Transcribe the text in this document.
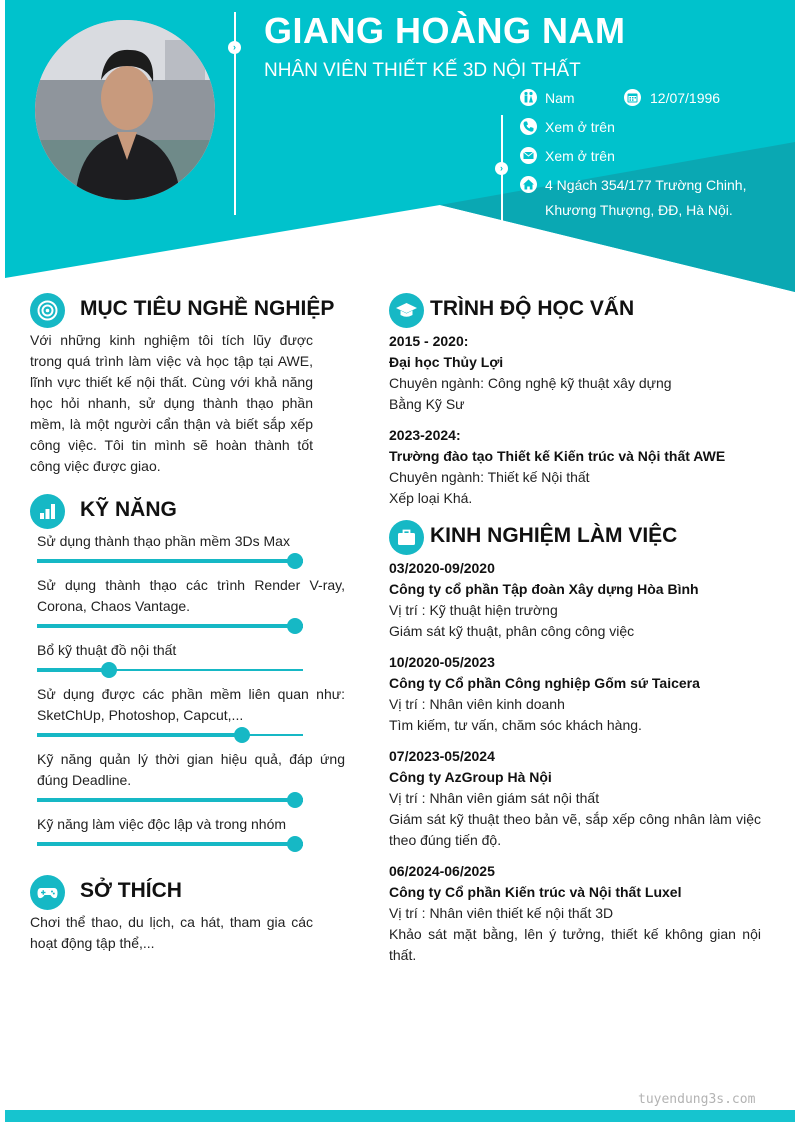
›
›
GIANG HOÀNG NAM
NHÂN VIÊN THIẾT KẾ 3D NỘI THẤT
Nam	12/07/1996
Xem ở trên
Xem ở trên
4 Ngách 354/177 Trường Chinh,
Khương Thượng, ĐĐ, Hà Nội.
MỤC TIÊU NGHỀ NGHIỆP
Với những kinh nghiệm tôi tích lũy được trong quá trình làm việc và học tập tại AWE, lĩnh vực thiết kế nội thất. Cùng với khả năng học hỏi nhanh, sử dụng thành thạo phần mềm, là một người cẩn thận và biết sắp xếp công việc. Tôi tin mình sẽ hoàn thành tốt công việc được giao.
KỸ NĂNG
Sử dụng thành thạo phần mềm 3Ds Max
Sử dụng thành thạo các trình Render V-ray, Corona, Chaos Vantage.
Bổ kỹ thuật đồ nội thất
Sử dụng được các phần mềm liên quan như: SketChUp, Photoshop, Capcut,...
Kỹ năng quản lý thời gian hiệu quả, đáp ứng đúng Deadline.
Kỹ năng làm việc độc lập và trong nhóm
SỞ THÍCH
Chơi thể thao, du lịch, ca hát, tham gia các hoạt động tập thể,...
TRÌNH ĐỘ HỌC VẤN
2015 - 2020:
Đại học Thủy Lợi
Chuyên ngành: Công nghệ kỹ thuật xây dựng
Bằng Kỹ Sư
2023-2024:
Trường đào tạo Thiết kế Kiến trúc và Nội thất AWE
Chuyên ngành: Thiết kế Nội thất
Xếp loại Khá.
KINH NGHIỆM LÀM VIỆC
03/2020-09/2020
Công ty cổ phần Tập đoàn Xây dựng Hòa Bình
Vị trí : Kỹ thuật hiện trường
Giám sát kỹ thuật, phân công công việc
10/2020-05/2023
Công ty Cổ phần Công nghiệp Gốm sứ Taicera
Vị trí : Nhân viên kinh doanh
Tìm kiếm, tư vấn, chăm sóc khách hàng.
07/2023-05/2024
Công ty AzGroup Hà Nội
Vị trí : Nhân viên giám sát nội thất
Giám sát kỹ thuật theo bản vẽ, sắp xếp công nhân làm việc theo đúng tiến độ.
06/2024-06/2025
Công ty Cổ phần Kiến trúc và Nội thất Luxel
Vị trí : Nhân viên thiết kế nội thất 3D
Khảo sát mặt bằng, lên ý tưởng, thiết kế không gian nội thất.
tuyendung3s.com
